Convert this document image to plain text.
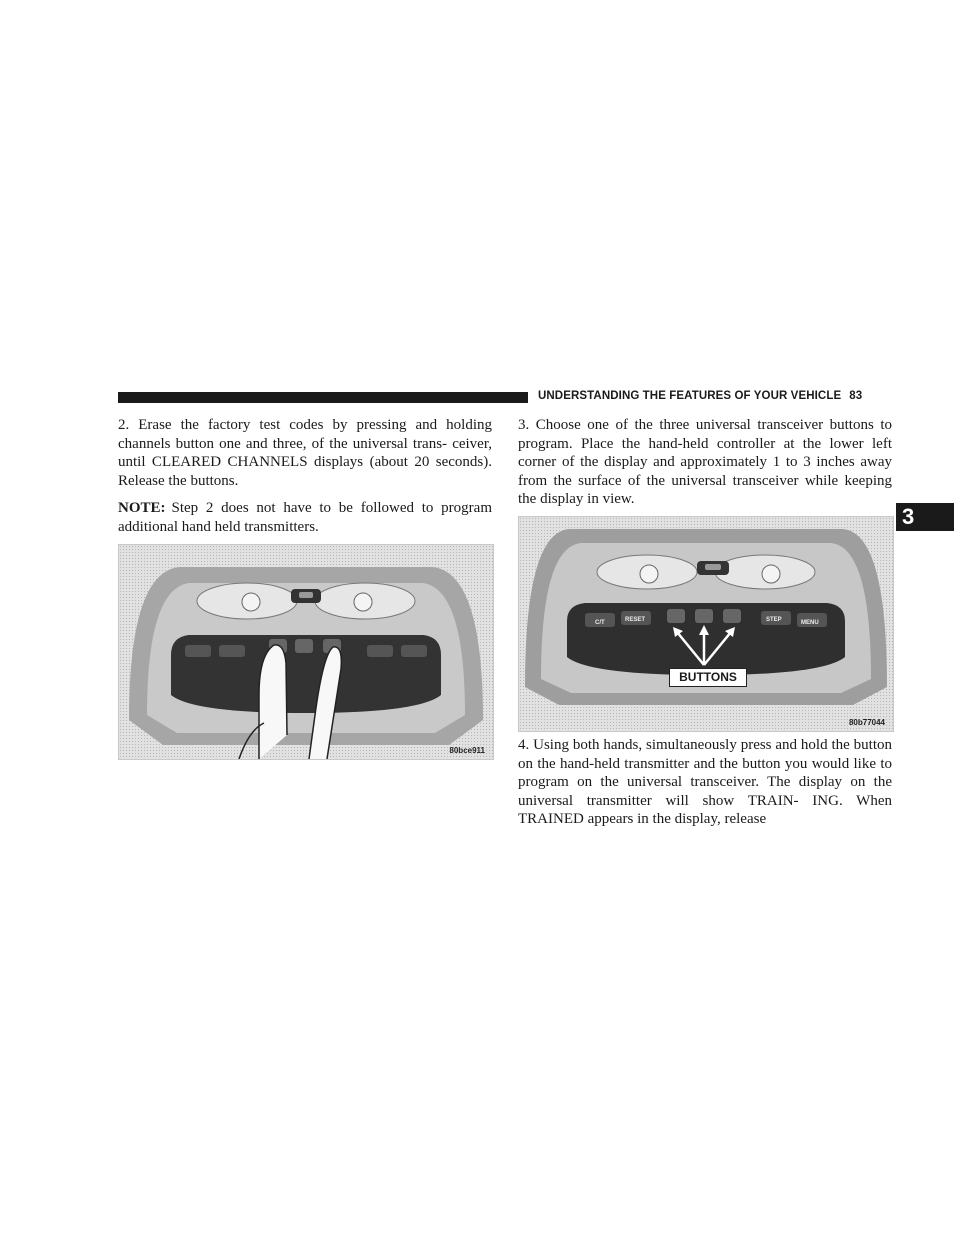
UNDERSTANDING THE FEATURES OF YOUR VEHICLE 83
3

2. Erase the factory test codes by pressing and holding channels button one and three, of the universal trans- ceiver, until CLEARED CHANNELS displays (about 20 seconds). Release the buttons.

NOTE: Step 2 does not have to be followed to program additional hand held transmitters.

80bce911

3. Choose one of the three universal transceiver buttons to program. Place the hand-held controller at the lower left corner of the display and approximately 1 to 3 inches away from the surface of the universal transceiver while keeping the display in view.

C/T	RESET	STEP	MENU
BUTTONS
80b77044

4. Using both hands, simultaneously press and hold the button on the hand-held transmitter and the button you would like to program on the universal transceiver. The display on the universal transmitter will show TRAIN- ING. When TRAINED appears in the display, release
